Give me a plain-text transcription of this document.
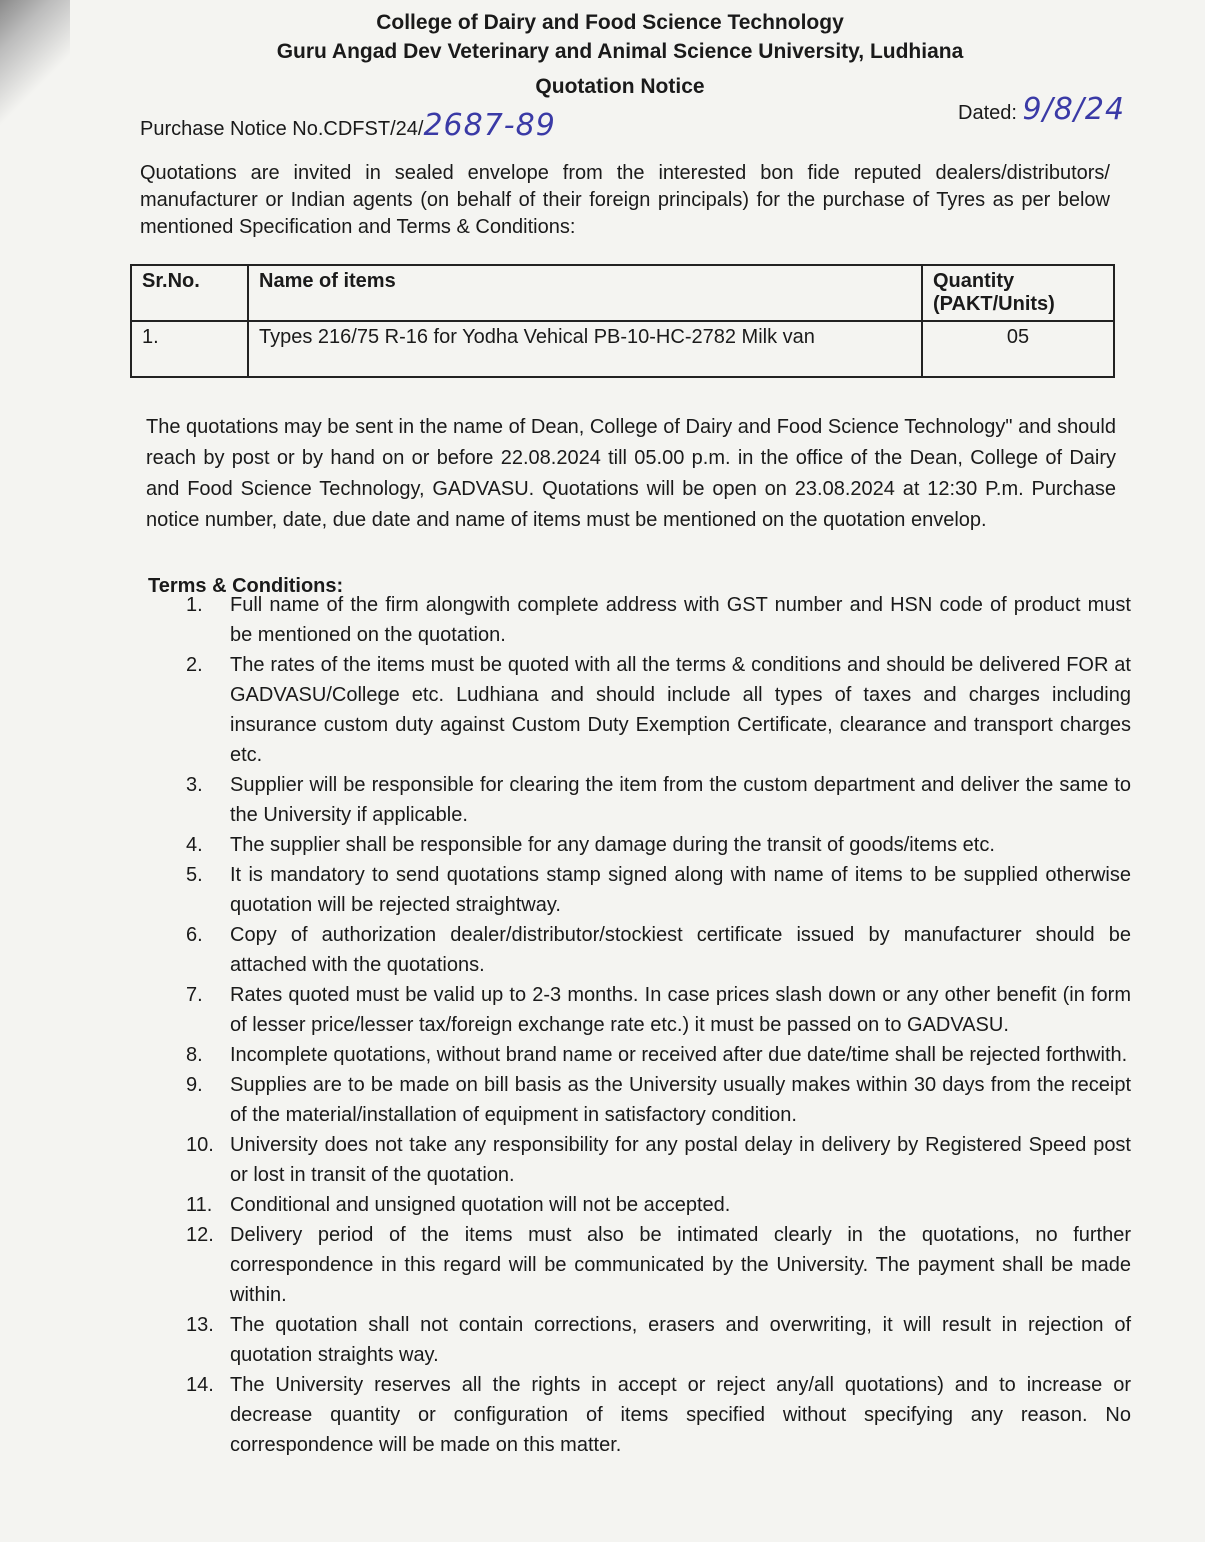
College of Dairy and Food Science Technology
Guru Angad Dev Veterinary and Animal Science University, Ludhiana
Quotation Notice
Purchase Notice No.CDFST/24/2687-89	Dated: 9/8/24
Quotations are invited in sealed envelope from the interested bon fide reputed dealers/distributors/ manufacturer or Indian agents (on behalf of their foreign principals) for the purchase of Tyres as per below mentioned Specification and Terms & Conditions:
Sr.No.	Name of items	Quantity (PAKT/Units)
1.	Types 216/75 R-16 for Yodha Vehical PB-10-HC-2782 Milk van	05
The quotations may be sent in the name of Dean, College of Dairy and Food Science Technology" and should reach by post or by hand on or before 22.08.2024 till 05.00 p.m. in the office of the Dean, College of Dairy and Food Science Technology, GADVASU. Quotations will be open on 23.08.2024 at 12:30 P.m. Purchase notice number, date, due date and name of items must be mentioned on the quotation envelop.
Terms & Conditions:
1. Full name of the firm alongwith complete address with GST number and HSN code of product must be mentioned on the quotation.
2. The rates of the items must be quoted with all the terms & conditions and should be delivered FOR at GADVASU/College etc. Ludhiana and should include all types of taxes and charges including insurance custom duty against Custom Duty Exemption Certificate, clearance and transport charges etc.
3. Supplier will be responsible for clearing the item from the custom department and deliver the same to the University if applicable.
4. The supplier shall be responsible for any damage during the transit of goods/items etc.
5. It is mandatory to send quotations stamp signed along with name of items to be supplied otherwise quotation will be rejected straightway.
6. Copy of authorization dealer/distributor/stockiest certificate issued by manufacturer should be attached with the quotations.
7. Rates quoted must be valid up to 2-3 months. In case prices slash down or any other benefit (in form of lesser price/lesser tax/foreign exchange rate etc.) it must be passed on to GADVASU.
8. Incomplete quotations, without brand name or received after due date/time shall be rejected forthwith.
9. Supplies are to be made on bill basis as the University usually makes within 30 days from the receipt of the material/installation of equipment in satisfactory condition.
10. University does not take any responsibility for any postal delay in delivery by Registered Speed post or lost in transit of the quotation.
11. Conditional and unsigned quotation will not be accepted.
12. Delivery period of the items must also be intimated clearly in the quotations, no further correspondence in this regard will be communicated by the University. The payment shall be made within.
13. The quotation shall not contain corrections, erasers and overwriting, it will result in rejection of quotation straights way.
14. The University reserves all the rights in accept or reject any/all quotations) and to increase or decrease quantity or configuration of items specified without specifying any reason. No correspondence will be made on this matter.
